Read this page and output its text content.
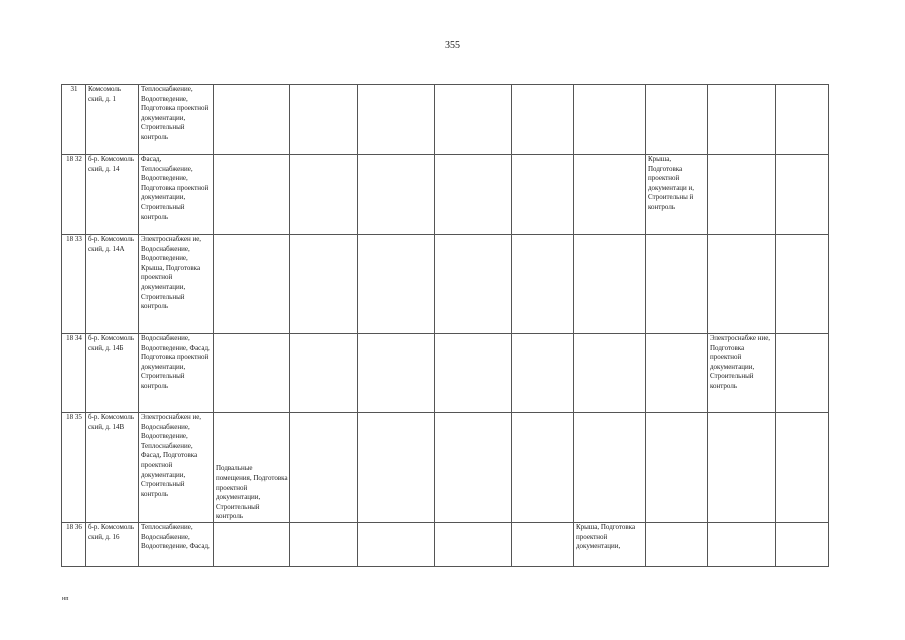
355
31	Комсомоль ский, д. 1	Теплоснабжение, Водоотведение, Подготовка проектной документации, Строительный контроль									
18 32	б-р. Комсомоль ский, д. 14	Фасад, Теплоснабжение, Водоотведение, Подготовка проектной документации, Строительный контроль							Крыша, Подготовка проектной документаци и, Строительны й контроль		
18 33	б-р. Комсомоль ский, д. 14А	Электроснабжен ие, Водоснабжение, Водоотведение, Крыша, Подготовка проектной документации, Строительный контроль									
18 34	б-р. Комсомоль ский, д. 14Б	Водоснабжение, Водоотведение, Фасад, Подготовка проектной документации, Строительный контроль								Электроснабже ние, Подготовка проектной документации, Строительный контроль	
18 35	б-р. Комсомоль ский, д. 14В	Электроснабжен ие, Водоснабжение, Водоотведение, Теплоснабжение, Фасад, Подготовка проектной документации, Строительный контроль	Подвальные помещения, Подготовка проектной документации, Строительный контроль								
18 36	б-р. Комсомоль ский, д. 16	Теплоснабжение, Водоснабжение, Водоотведение, Фасад,						Крыша, Подготовка проектной документации,			
нп
